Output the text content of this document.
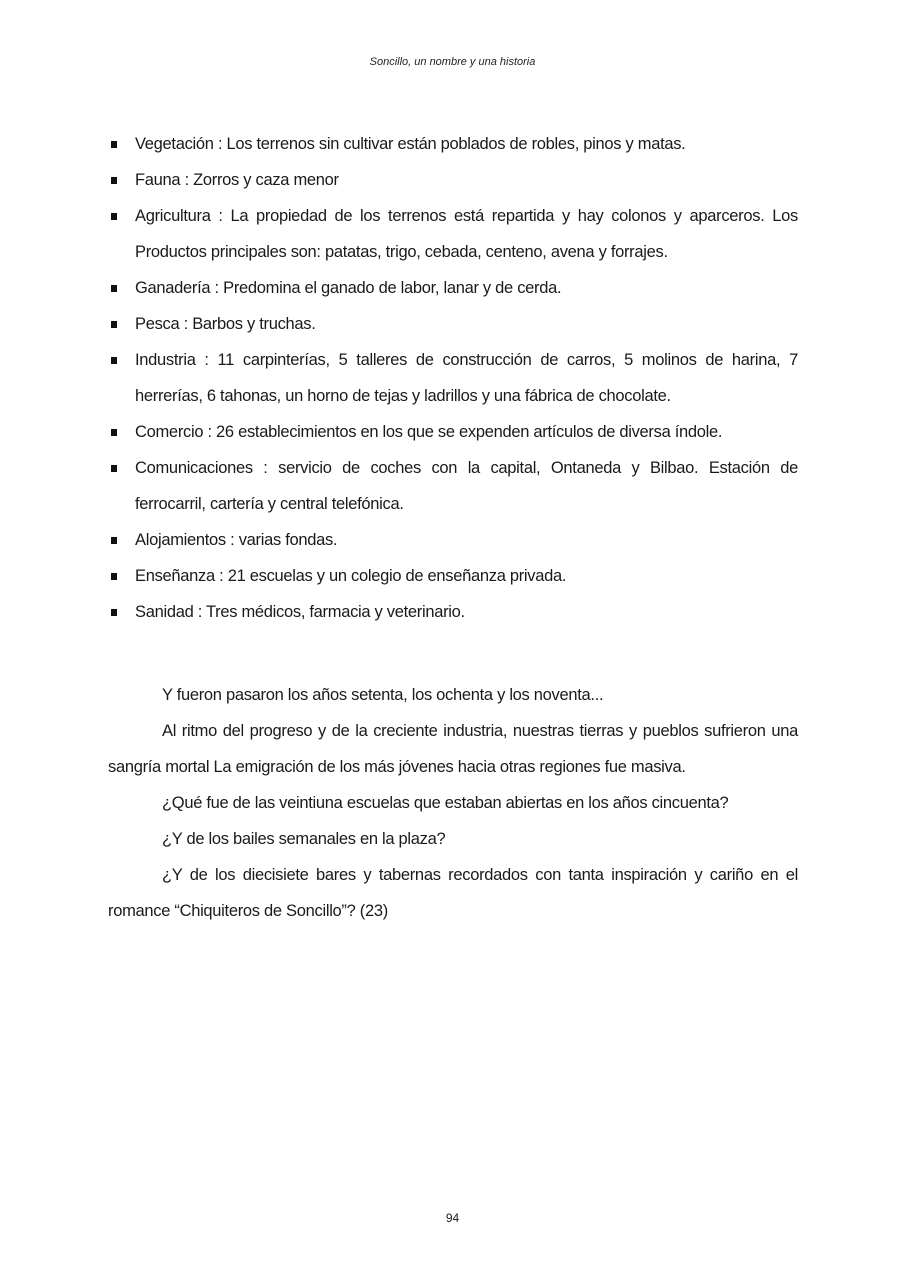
Soncillo, un nombre y una historia
Vegetación : Los terrenos sin cultivar están poblados de robles, pinos y matas.
Fauna : Zorros y caza menor
Agricultura : La propiedad de los terrenos está repartida y hay colonos y aparceros. Los Productos principales son: patatas, trigo, cebada, centeno, avena y forrajes.
Ganadería : Predomina el ganado de labor, lanar y de cerda.
Pesca : Barbos y truchas.
Industria : 11 carpinterías, 5 talleres de construcción de carros, 5 molinos de harina, 7 herrerías, 6 tahonas, un horno de tejas y ladrillos y una fábrica de chocolate.
Comercio : 26 establecimientos en los que se expenden artículos de diversa índole.
Comunicaciones : servicio de coches con la capital, Ontaneda y Bilbao. Estación de ferrocarril, cartería y central telefónica.
Alojamientos : varias fondas.
Enseñanza : 21 escuelas y un colegio de enseñanza privada.
Sanidad : Tres médicos, farmacia y veterinario.

Y fueron pasaron los años setenta, los ochenta y los noventa...

Al ritmo del progreso y de la creciente industria, nuestras tierras y pueblos sufrieron una sangría mortal La emigración de los más jóvenes hacia otras regiones fue masiva.

¿Qué fue de las veintiuna escuelas que estaban abiertas en los años cincuenta?

¿Y de los bailes semanales en la plaza?

¿Y de los diecisiete bares y tabernas recordados con tanta inspiración y cariño en el romance “Chiquiteros de Soncillo”? (23)

94
